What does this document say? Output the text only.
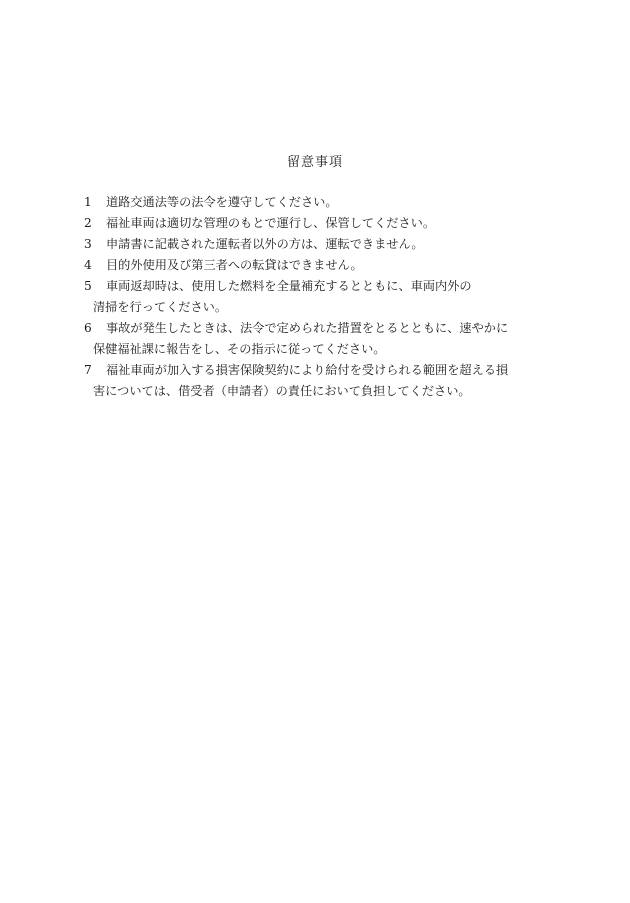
留意事項
1 道路交通法等の法令を遵守してください。
2 福祉車両は適切な管理のもとで運行し、保管してください。
3 申請書に記載された運転者以外の方は、運転できません。
4 目的外使用及び第三者への転貸はできません。
5 車両返却時は、使用した燃料を全量補充するとともに、車両内外の
清掃を行ってください。
6 事故が発生したときは、法令で定められた措置をとるとともに、速やかに
保健福祉課に報告をし、その指示に従ってください。
7 福祉車両が加入する損害保険契約により給付を受けられる範囲を超える損
害については、借受者（申請者）の責任において負担してください。
